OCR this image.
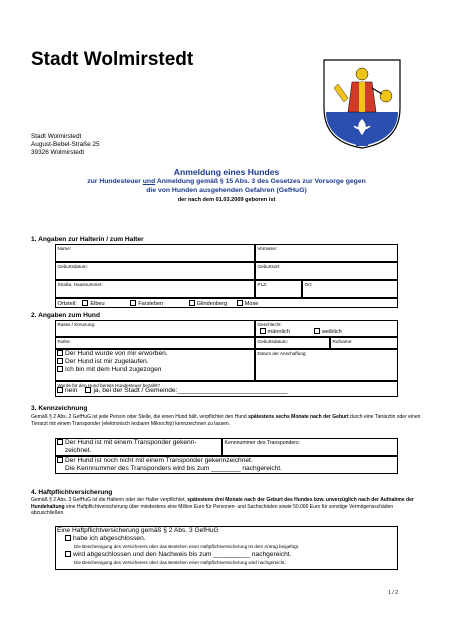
Stadt Wolmirstedt
Stadt Wolmirstedt
August-Bebel-Straße 25
39326 Wolmirstedt
Anmeldung eines Hundes
zur Hundesteuer und Anmeldung gemäß § 15 Abs. 3 des Gesetzes zur Vorsorge gegen
die von Hunden ausgehenden Gefahren (GefHuG)
der nach dem 01.03.2009 geboren ist
1. Angaben zur Halterin / zum Halter
Name:	Vorname:
Geburtsdatum:	Geburtsort:
Straße, Hausnummer:	PLZ:	Ort:
Ortsteil: Elbeu	Farsleben	Glindenberg	Mose
2. Angaben zum Hund
Rasse / Kreuzung:	Geschlecht:
männlich	weiblich
Farbe:	Geburtsdatum:	Rufname:
Der Hund wurde von mir erworben.
Der Hund ist mir zugelaufen.
Ich bin mit dem Hund zugezogen
Datum der Anschaffung:
Wurde für den Hund bereits Hundesteuer bezahlt?
nein ja, bei der Stadt / Gemeinde:______________________________
3. Kennzeichnung
Gemäß § 2 Abs. 2 GefHuG ist jede Person oder Stelle, die einen Hund hält, verpflichtet den Hund spätestens sechs Monate nach der Geburt durch eine Tierärztin oder einen Tierarzt mit einem Transponder (elektronisch lesbarer Mikrochip) kennzeichnen zu lassen.
Der Hund ist mit einem Transponder gekenn-
zeichnet.
Kennnummer des Transponders:
Der Hund ist noch nicht mit einem Transponder gekennzeichnet.
Die Kennnummer des Transponders wird bis zum ________ nachgereicht.
4. Haftpflichtversicherung
Gemäß § 2 Abs. 3 GefHuG ist die Halterin oder der Halter verpflichtet, spätestens drei Monate nach der Geburt des Hundes bzw. unverzüglich nach der Aufnahme der Hundehaltung eine Haftpflichtversicherung über mindestens eine Million Euro für Personen- und Sachschäden sowie 50.000 Euro für sonstige Vermögensschäden abzuschließen.
Eine Haftpflichtversicherung gemäß § 2 Abs. 3 GefHuG
habe ich abgeschlossen.
Die Bescheinigung des Versicherers über das Bestehen einer Haftpflichtversicherung ist dem Antrag beigefügt.
wird abgeschlossen und den Nachweis bis zum __________ nachgereicht.
Die Bescheinigung des Versicherers über das Bestehen einer Haftpflichtversicherung wird nachgereicht.
1 / 2
